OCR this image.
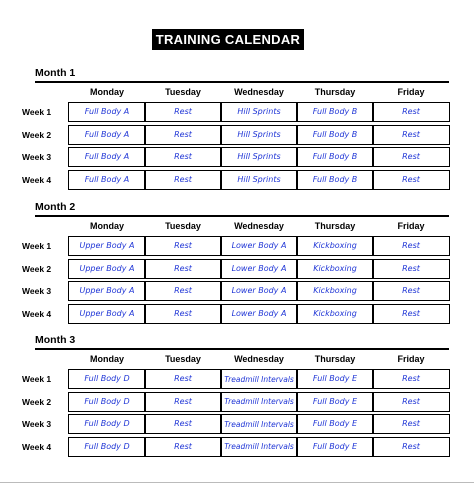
TRAINING CALENDAR
Month 1
Monday	Tuesday	Wednesday	Thursday	Friday
Week 1	Full Body A	Rest	Hill Sprints	Full Body B	Rest
Week 2	Full Body A	Rest	Hill Sprints	Full Body B	Rest
Week 3	Full Body A	Rest	Hill Sprints	Full Body B	Rest
Week 4	Full Body A	Rest	Hill Sprints	Full Body B	Rest
Month 2
Monday	Tuesday	Wednesday	Thursday	Friday
Week 1	Upper Body A	Rest	Lower Body A	Kickboxing	Rest
Week 2	Upper Body A	Rest	Lower Body A	Kickboxing	Rest
Week 3	Upper Body A	Rest	Lower Body A	Kickboxing	Rest
Week 4	Upper Body A	Rest	Lower Body A	Kickboxing	Rest
Month 3
Monday	Tuesday	Wednesday	Thursday	Friday
Week 1	Full Body D	Rest	Treadmill Intervals	Full Body E	Rest
Week 2	Full Body D	Rest	Treadmill Intervals	Full Body E	Rest
Week 3	Full Body D	Rest	Treadmill Intervals	Full Body E	Rest
Week 4	Full Body D	Rest	Treadmill Intervals	Full Body E	Rest
